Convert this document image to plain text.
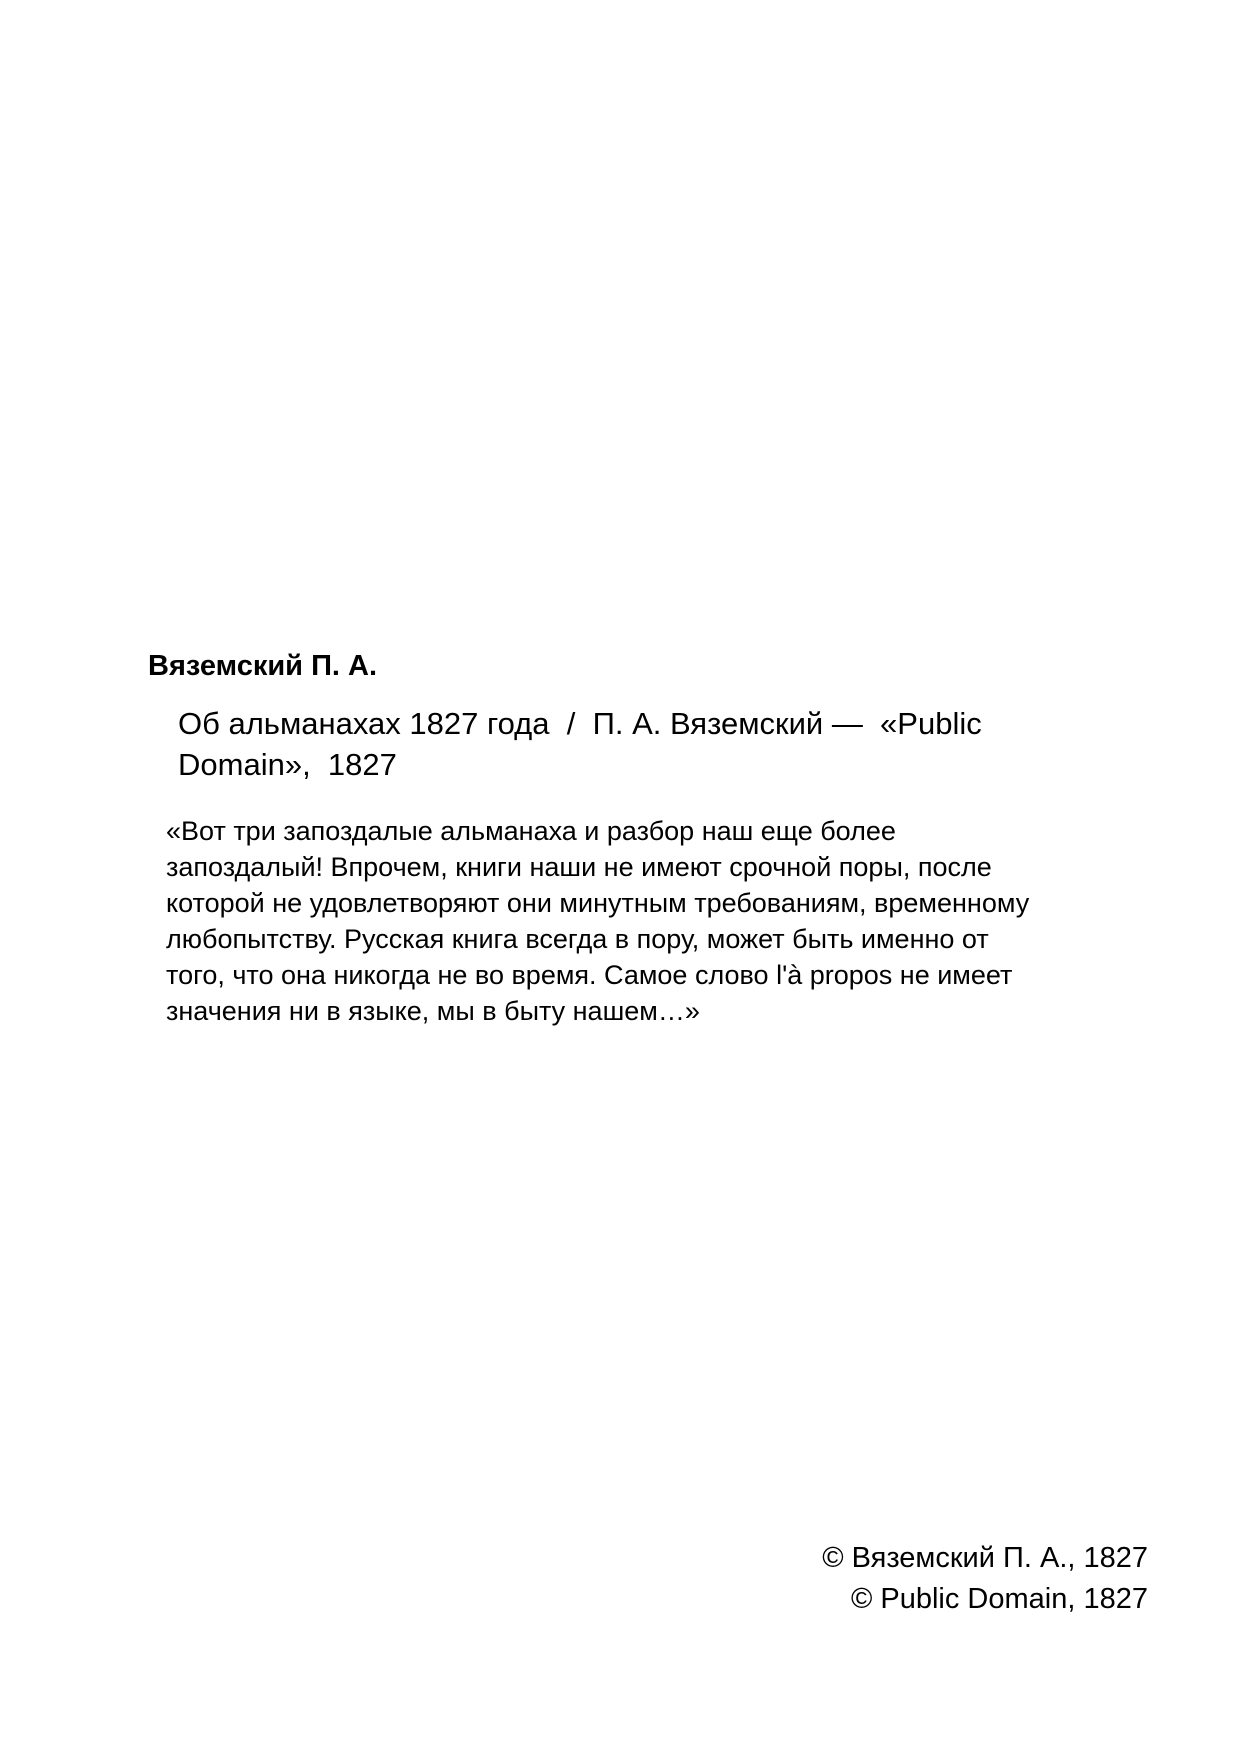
Вяземский П. А.
Об альманахах 1827 года  /  П. А. Вяземский —  «Public Domain»,  1827
«Вот три запоздалые альманаха и разбор наш еще более
запоздалый! Впрочем, книги наши не имеют срочной поры, после
которой не удовлетворяют они минутным требованиям, временному
любопытству. Русская книга всегда в пору, может быть именно от
того, что она никогда не во время. Самое слово l'à propos не имеет
значения ни в языке, мы в быту нашем…»
© Вяземский П. А., 1827
© Public Domain, 1827
